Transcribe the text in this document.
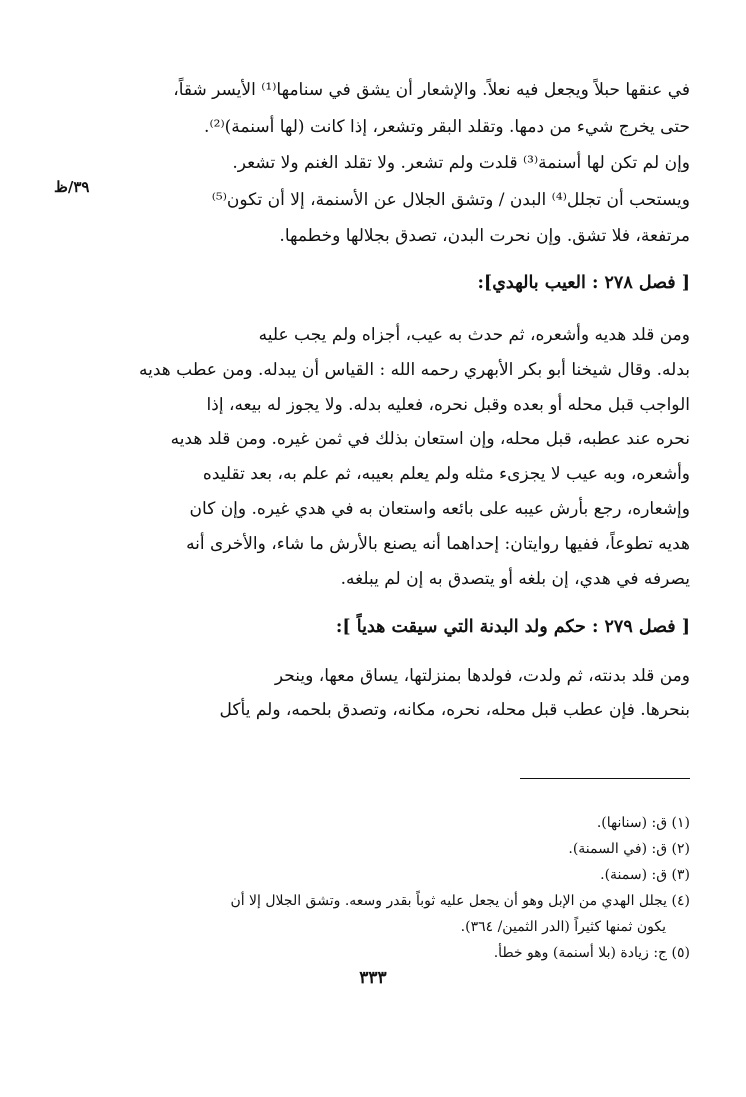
في عنقها حبلاً ويجعل فيه نعلاً. والإشعار أن يشق في سنامها⁽¹⁾ الأيسر شقاً،
حتى يخرج شيء من دمها. وتقلد البقر وتشعر، إذا كانت (لها أسنمة)⁽²⁾.
وإن لم تكن لها أسنمة⁽³⁾ قلدت ولم تشعر. ولا تقلد الغنم ولا تشعر.
ويستحب أن تجلل⁽⁴⁾ البدن / وتشق الجلال عن الأسنمة، إلا أن تكون⁽⁵⁾
مرتفعة، فلا تشق. وإن نحرت البدن، تصدق بجلالها وخطمها.
٣٩/ظ
[ فصل ٢٧٨ : العيب بالهدي]:
ومن قلد هديه وأشعره، ثم حدث به عيب، أجزاه ولم يجب عليه
بدله. وقال شيخنا أبو بكر الأبهري رحمه الله : القياس أن يبدله. ومن عطب هديه
الواجب قبل محله أو بعده وقبل نحره، فعليه بدله. ولا يجوز له بيعه، إذا
نحره عند عطبه، قبل محله، وإن استعان بذلك في ثمن غيره. ومن قلد هديه
وأشعره، وبه عيب لا يجزىء مثله ولم يعلم بعيبه، ثم علم به، بعد تقليده
وإشعاره، رجع بأرش عيبه على بائعه واستعان به في هدي غيره. وإن كان
هديه تطوعاً، ففيها روايتان: إحداهما أنه يصنع بالأرش ما شاء، والأخرى أنه
يصرفه في هدي، إن بلغه أو يتصدق به إن لم يبلغه.
[ فصل ٢٧٩ : حكم ولد البدنة التي سيقت هدياً ]:
ومن قلد بدنته، ثم ولدت، فولدها بمنزلتها، يساق معها، وينحر
بنحرها. فإن عطب قبل محله، نحره، مكانه، وتصدق بلحمه، ولم يأكل
(١) ق: (سنانها).
(٢) ق: (في السمنة).
(٣) ق: (سمنة).
(٤) يجلل الهدي من الإبل وهو أن يجعل عليه ثوباً بقدر وسعه. وتشق الجلال إلا أن
يكون ثمنها كثيراً (الدر الثمين/ ٣٦٤).
(٥) ج: زيادة (بلا أسنمة) وهو خطأ.
٣٣٣
